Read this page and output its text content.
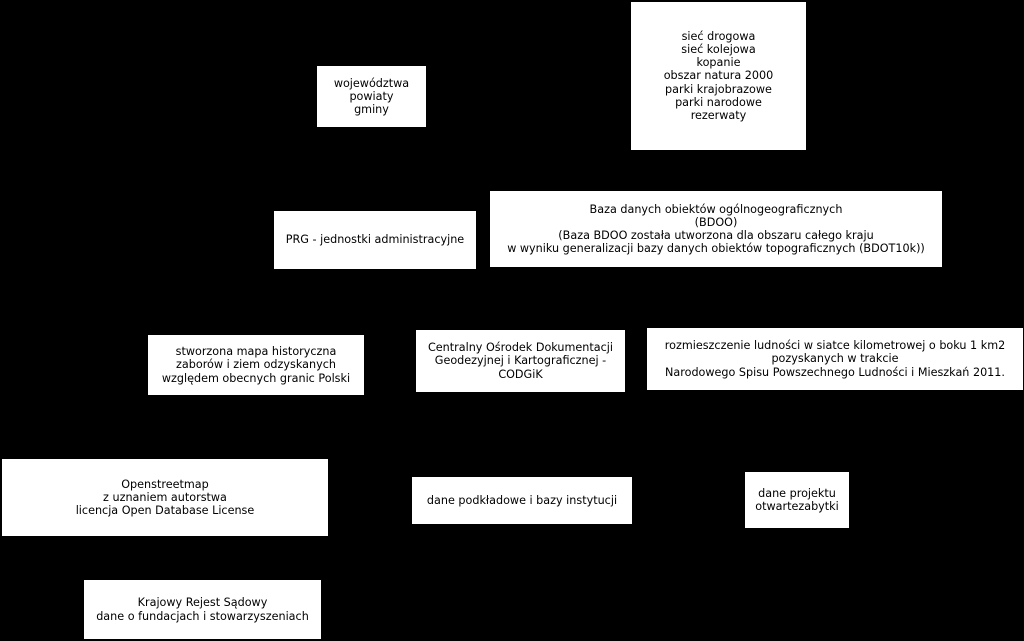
sieć drogowa
sieć kolejowa
kopanie
obszar natura 2000
parki krajobrazowe
parki narodowe
rezerwaty
województwa
powiaty
gminy
PRG - jednostki administracyjne
Baza danych obiektów ogólnogeograficznych
(BDOO)
(Baza BDOO została utworzona dla obszaru całego kraju
w wyniku generalizacji bazy danych obiektów topograficznych (BDOT10k))
stworzona mapa historyczna
zaborów i ziem odzyskanych
względem obecnych granic Polski
Centralny Ośrodek Dokumentacji
Geodezyjnej i Kartograficznej -
CODGiK
rozmieszczenie ludności w siatce kilometrowej o boku 1 km2
pozyskanych w trakcie
Narodowego Spisu Powszechnego Ludności i Mieszkań 2011.
Openstreetmap
z uznaniem autorstwa
licencja Open Database License
dane podkładowe i bazy instytucji
dane projektu
otwartezabytki
Krajowy Rejest Sądowy
dane o fundacjach i stowarzyszeniach
